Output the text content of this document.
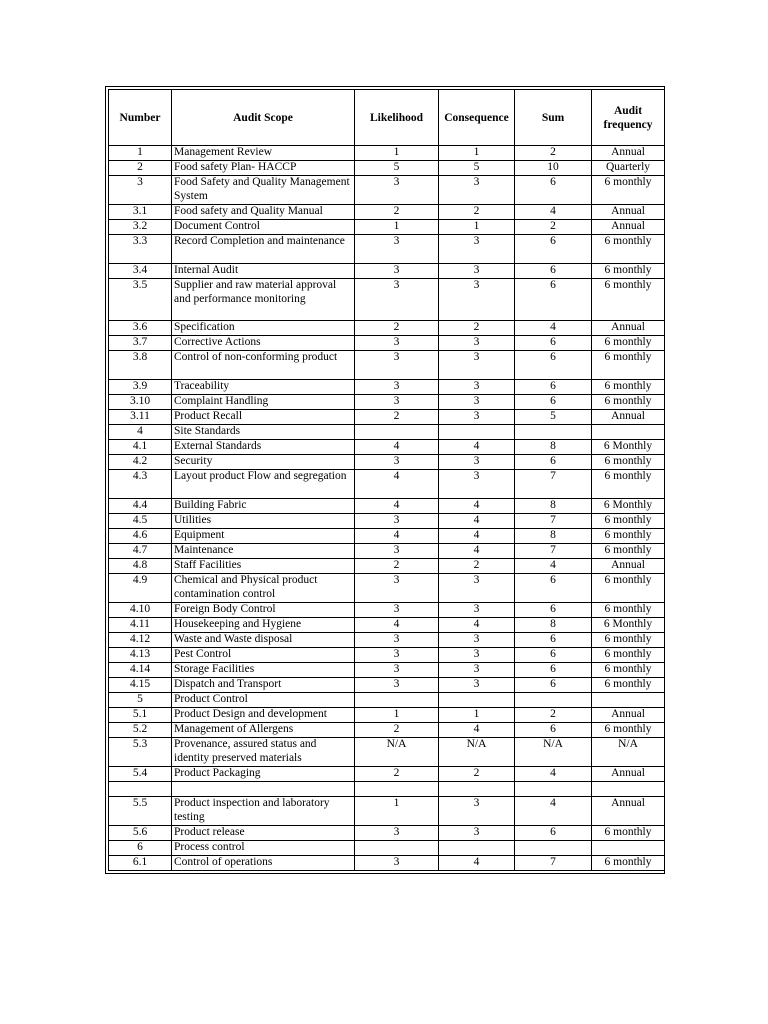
Number	Audit Scope	Likelihood	Consequence	Sum	Audit frequency
1	Management Review	1	1	2	Annual
2	Food safety Plan- HACCP	5	5	10	Quarterly
3	Food Safety and Quality Management System	3	3	6	6 monthly
3.1	Food safety and Quality Manual	2	2	4	Annual
3.2	Document Control	1	1	2	Annual
3.3	Record Completion and maintenance	3	3	6	6 monthly
3.4	Internal Audit	3	3	6	6 monthly
3.5	Supplier and raw material approval and performance monitoring	3	3	6	6 monthly
3.6	Specification	2	2	4	Annual
3.7	Corrective Actions	3	3	6	6 monthly
3.8	Control of non-conforming product	3	3	6	6 monthly
3.9	Traceability	3	3	6	6 monthly
3.10	Complaint Handling	3	3	6	6 monthly
3.11	Product Recall	2	3	5	Annual
4	Site Standards				
4.1	External Standards	4	4	8	6 Monthly
4.2	Security	3	3	6	6 monthly
4.3	Layout product Flow and segregation	4	3	7	6 monthly
4.4	Building Fabric	4	4	8	6 Monthly
4.5	Utilities	3	4	7	6 monthly
4.6	Equipment	4	4	8	6 monthly
4.7	Maintenance	3	4	7	6 monthly
4.8	Staff Facilities	2	2	4	Annual
4.9	Chemical and Physical product contamination control	3	3	6	6 monthly
4.10	Foreign Body Control	3	3	6	6 monthly
4.11	Housekeeping and Hygiene	4	4	8	6 Monthly
4.12	Waste and Waste disposal	3	3	6	6 monthly
4.13	Pest Control	3	3	6	6 monthly
4.14	Storage Facilities	3	3	6	6 monthly
4.15	Dispatch and Transport	3	3	6	6 monthly
5	Product Control				
5.1	Product Design and development	1	1	2	Annual
5.2	Management of Allergens	2	4	6	6 monthly
5.3	Provenance, assured status and identity preserved materials	N/A	N/A	N/A	N/A
5.4	Product Packaging	2	2	4	Annual

5.5	Product inspection and laboratory testing	1	3	4	Annual
5.6	Product release	3	3	6	6 monthly
6	Process control				
6.1	Control of operations	3	4	7	6 monthly
